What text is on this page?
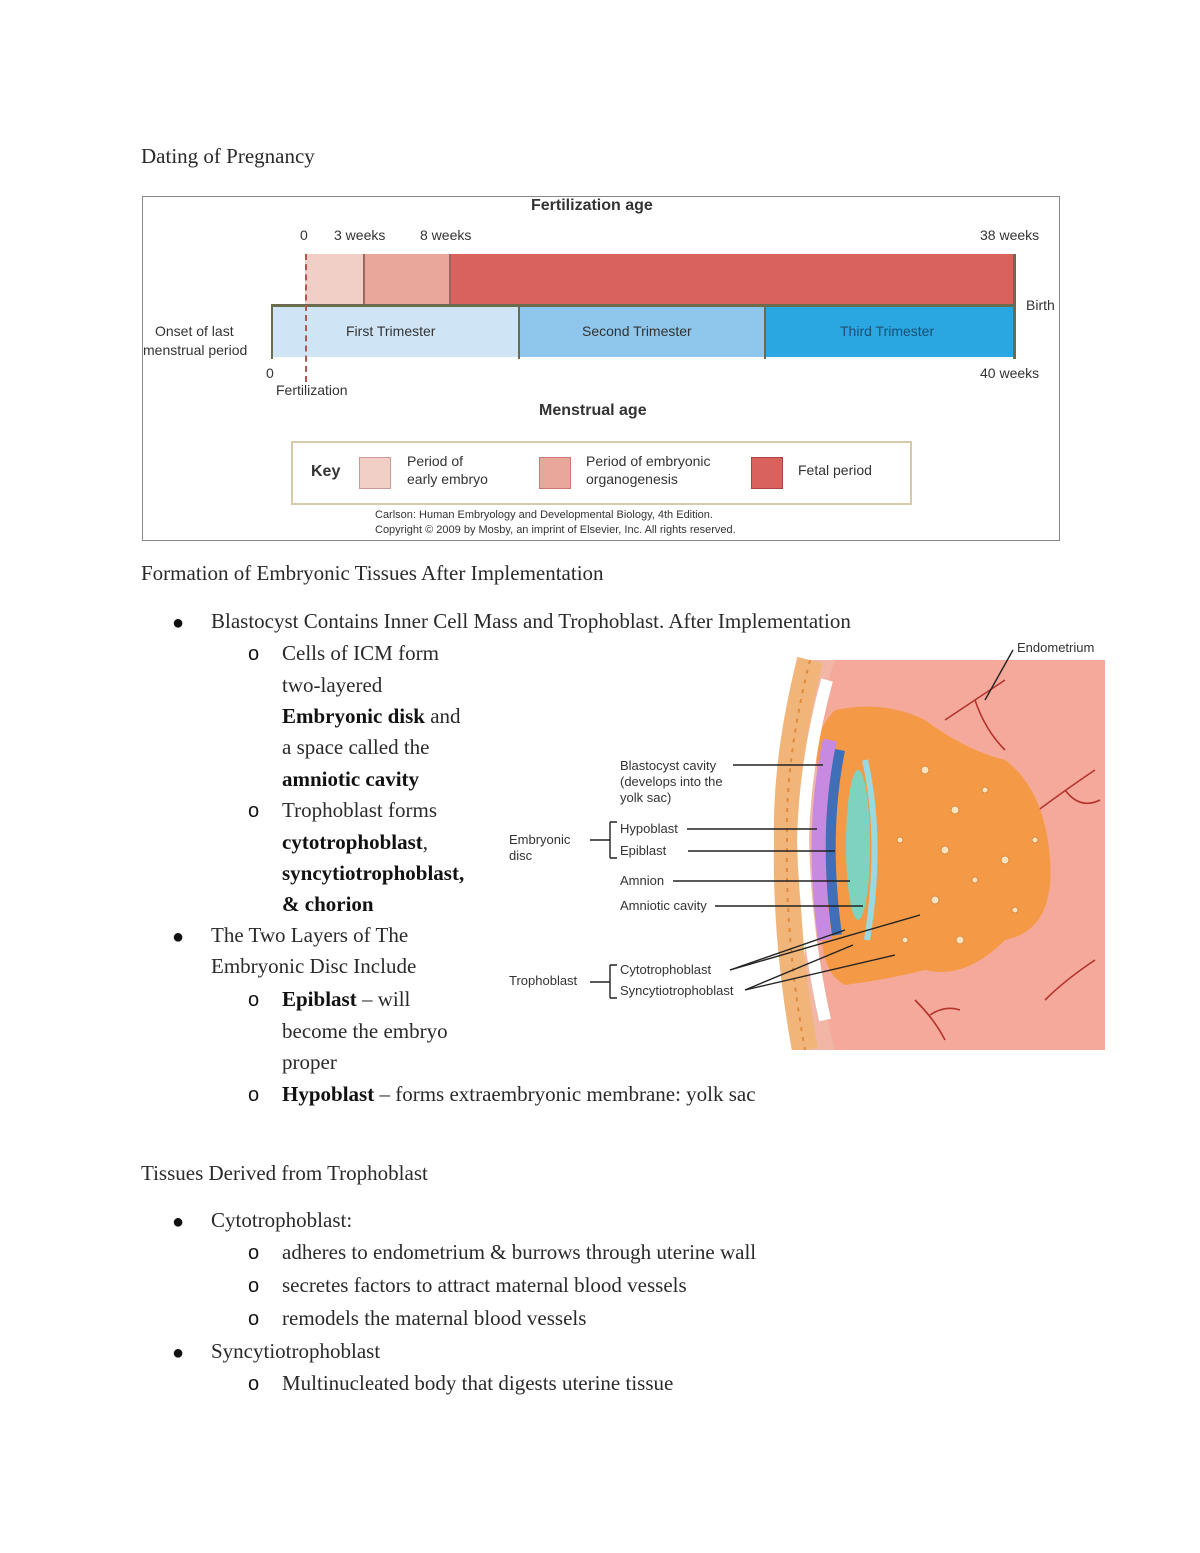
Dating of Pregnancy
Fertilization age
0 3 weeks 8 weeks	38 weeks
First Trimester	Second Trimester	Third Trimester
Onset of last
menstrual period
Birth
0
Fertilization
40 weeks
Menstrual age
Key
Period of
early embryo
Period of embryonic
organogenesis
Fetal period
Carlson: Human Embryology and Developmental Biology, 4th Edition.
Copyright © 2009 by Mosby, an imprint of Elsevier, Inc. All rights reserved.
Formation of Embryonic Tissues After Implementation
● Blastocyst Contains Inner Cell Mass and Trophoblast. After Implementation
o Cells of ICM form
two-layered
Embryonic disk and
a space called the
amniotic cavity
o Trophoblast forms
cytotrophoblast,
syncytiotrophoblast,
& chorion
● The Two Layers of The
Embryonic Disc Include
o Epiblast – will
become the embryo
proper
o Hypoblast – forms extraembryonic membrane: yolk sac
Endometrium
Blastocyst cavity
(develops into the
yolk sac)
Embryonic
disc
Hypoblast
Epiblast
Amnion
Amniotic cavity
Trophoblast
Cytotrophoblast
Syncytiotrophoblast
Tissues Derived from Trophoblast
● Cytotrophoblast:
o adheres to endometrium & burrows through uterine wall
o secretes factors to attract maternal blood vessels
o remodels the maternal blood vessels
● Syncytiotrophoblast
o Multinucleated body that digests uterine tissue
